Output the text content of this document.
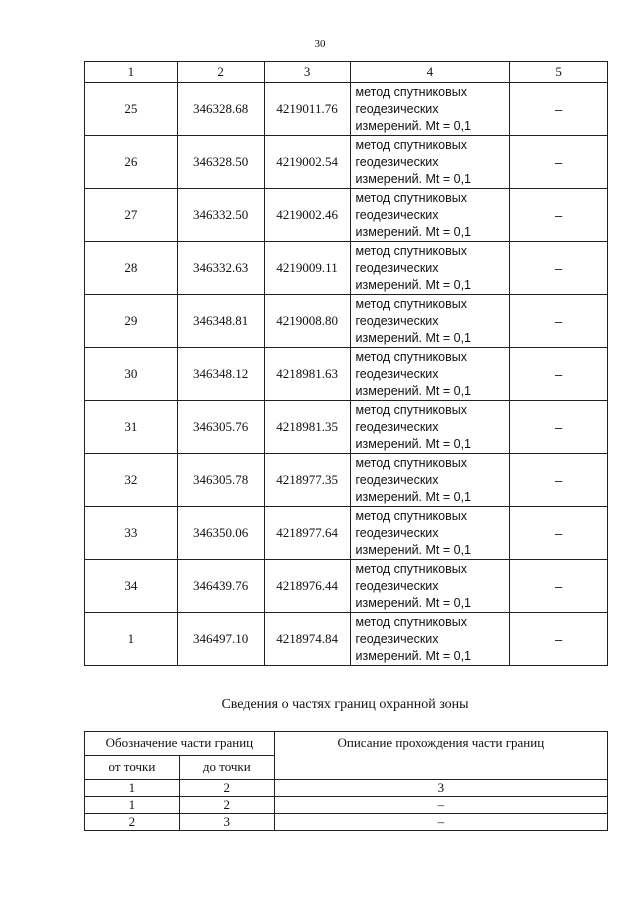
30
1	2	3	4	5
25	346328.68	4219011.76	метод спутниковых
геодезических
измерений. Mt = 0,1	–
26	346328.50	4219002.54	метод спутниковых
геодезических
измерений. Mt = 0,1	–
27	346332.50	4219002.46	метод спутниковых
геодезических
измерений. Mt = 0,1	–
28	346332.63	4219009.11	метод спутниковых
геодезических
измерений. Mt = 0,1	–
29	346348.81	4219008.80	метод спутниковых
геодезических
измерений. Mt = 0,1	–
30	346348.12	4218981.63	метод спутниковых
геодезических
измерений. Mt = 0,1	–
31	346305.76	4218981.35	метод спутниковых
геодезических
измерений. Mt = 0,1	–
32	346305.78	4218977.35	метод спутниковых
геодезических
измерений. Mt = 0,1	–
33	346350.06	4218977.64	метод спутниковых
геодезических
измерений. Mt = 0,1	–
34	346439.76	4218976.44	метод спутниковых
геодезических
измерений. Mt = 0,1	–
1	346497.10	4218974.84	метод спутниковых
геодезических
измерений. Mt = 0,1	–
Сведения о частях границ охранной зоны
Обозначение части границ		Описание прохождения части границ
от точки	до точки	
1	2	3
1	2	–
2	3	–
